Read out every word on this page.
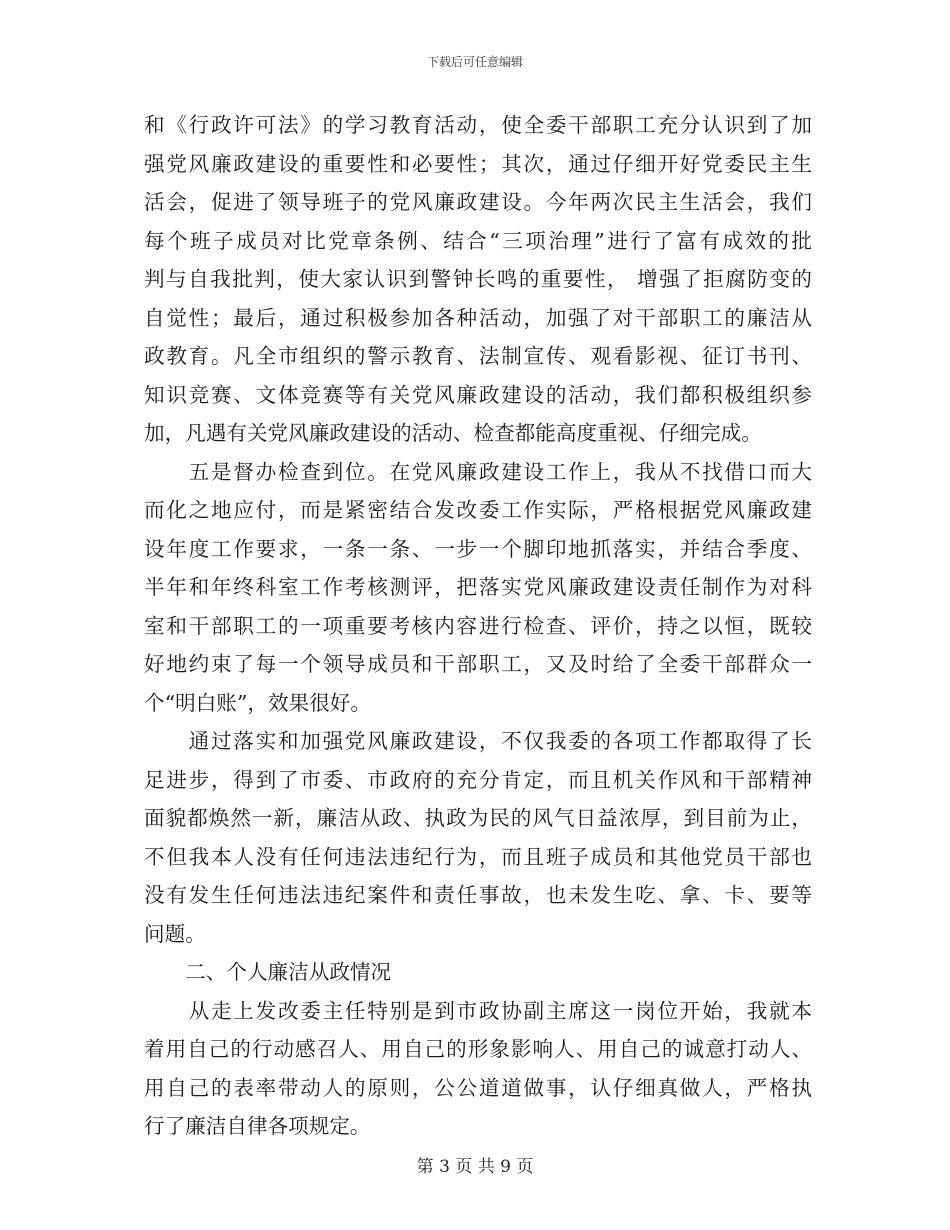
下载后可任意编辑
和《行政许可法》的学习教育活动，使全委干部职工充分认识到了加
强党风廉政建设的重要性和必要性；其次，通过仔细开好党委民主生
活会，促进了领导班子的党风廉政建设。今年两次民主生活会，我们
每个班子成员对比党章条例、结合“三项治理”进行了富有成效的批
判与自我批判，使大家认识到警钟长鸣的重要性， 增强了拒腐防变的
自觉性；最后，通过积极参加各种活动，加强了对干部职工的廉洁从
政教育。凡全市组织的警示教育、法制宣传、观看影视、征订书刊、
知识竞赛、文体竞赛等有关党风廉政建设的活动，我们都积极组织参
加，凡遇有关党风廉政建设的活动、检查都能高度重视、仔细完成。
　　五是督办检查到位。在党风廉政建设工作上，我从不找借口而大
而化之地应付，而是紧密结合发改委工作实际，严格根据党风廉政建
设年度工作要求，一条一条、一步一个脚印地抓落实，并结合季度、
半年和年终科室工作考核测评，把落实党风廉政建设责任制作为对科
室和干部职工的一项重要考核内容进行检查、评价，持之以恒，既较
好地约束了每一个领导成员和干部职工，又及时给了全委干部群众一
个“明白账”，效果很好。
　　通过落实和加强党风廉政建设，不仅我委的各项工作都取得了长
足进步，得到了市委、市政府的充分肯定，而且机关作风和干部精神
面貌都焕然一新，廉洁从政、执政为民的风气日益浓厚，到目前为止，
不但我本人没有任何违法违纪行为，而且班子成员和其他党员干部也
没有发生任何违法违纪案件和责任事故，也未发生吃、拿、卡、要等
问题。
　　二、个人廉洁从政情况
　　从走上发改委主任特别是到市政协副主席这一岗位开始，我就本
着用自己的行动感召人、用自己的形象影响人、用自己的诚意打动人、
用自己的表率带动人的原则，公公道道做事，认仔细真做人，严格执
行了廉洁自律各项规定。
第 3 页 共 9 页
